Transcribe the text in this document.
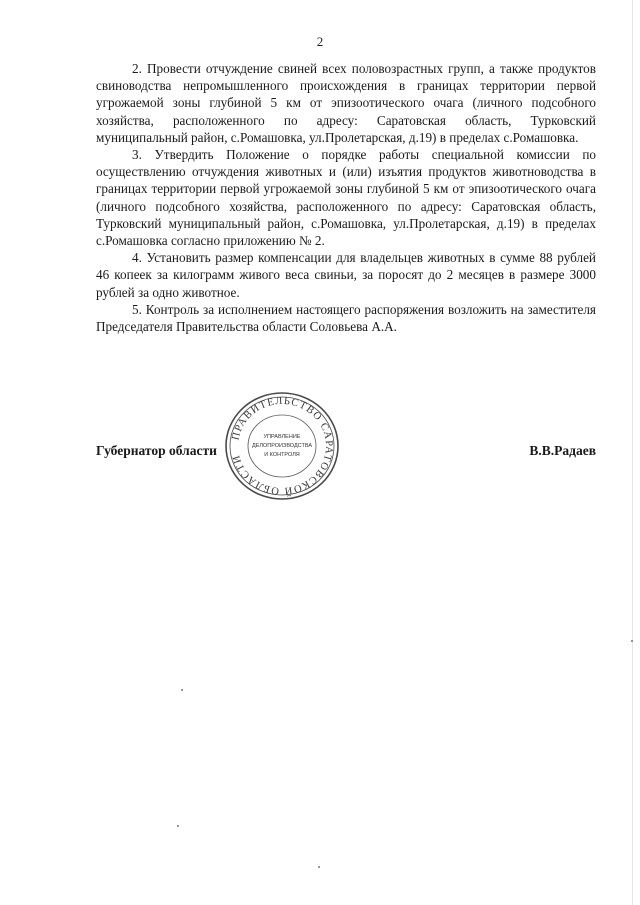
2

2. Провести отчуждение свиней всех половозрастных групп, а также продуктов свиноводства непромышленного происхождения в границах территории первой угрожаемой зоны глубиной 5 км от эпизоотического очага (личного подсобного хозяйства, расположенного по адресу: Саратовская область, Турковский муниципальный район, с.Ромашовка, ул.Пролетарская, д.19) в пределах с.Ромашовка.

3. Утвердить Положение о порядке работы специальной комиссии по осуществлению отчуждения животных и (или) изъятия продуктов животноводства в границах территории первой угрожаемой зоны глубиной 5 км от эпизоотического очага (личного подсобного хозяйства, расположенного по адресу: Саратовская область, Турковский муниципальный район, с.Ромашовка, ул.Пролетарская, д.19) в пределах с.Ромашовка согласно приложению № 2.

4. Установить размер компенсации для владельцев животных в сумме 88 рублей 46 копеек за килограмм живого веса свиньи, за поросят до 2 месяцев в размере 3000 рублей за одно животное.

5. Контроль за исполнением настоящего распоряжения возложить на заместителя Председателя Правительства области Соловьева А.А.

ПРАВИТЕЛЬСТВО САРАТОВСКОЙ ОБЛАСТИ
УПРАВЛЕНИЕ
ДЕЛОПРОИЗВОДСТВА
И КОНТРОЛЯ
Губернатор области	В.В.Радаев
